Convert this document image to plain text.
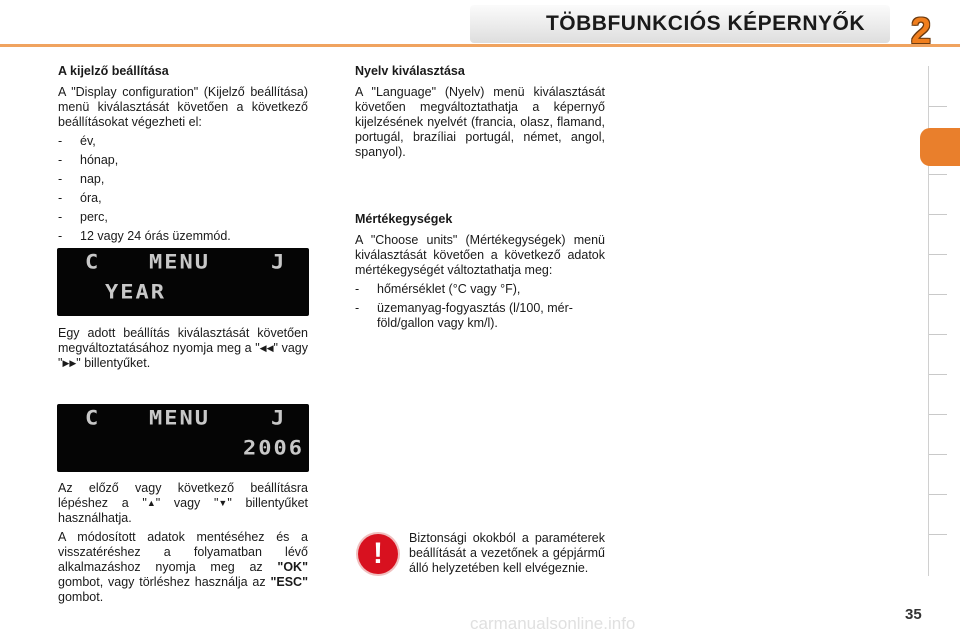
TÖBBFUNKCIÓS KÉPERNYŐK	2
A kijelző beállítása

A "Display configuration" (Kijelző beállítása) menü kiválasztását követően a következő beállításokat végezheti el:

- év,
- hónap,
- nap,
- óra,
- perc,
- 12 vagy 24 órás üzemmód.
C MENU	J
YEAR

Egy adott beállítás kiválasztását követően megváltoztatásához nyomja meg a "◀◀" vagy "▶▶" billentyűket.

C MENU	J
2006

Az előző vagy következő beállításra lépéshez a "▲" vagy "▼" billentyűket használhatja.

A módosított adatok mentéséhez és a visszatéréshez a folyamatban lévő alkalmazáshoz nyomja meg az "OK" gombot, vagy törléshez használja az "ESC" gombot.

Nyelv kiválasztása

A "Language" (Nyelv) menü kiválasztását követően megváltoztathatja a képernyő kijelzésének nyelvét (francia, olasz, flamand, portugál, brazíliai portugál, német, angol, spanyol).

Mértékegységek

A "Choose units" (Mértékegységek) menü kiválasztását követően a következő adatok mértékegységét változtathatja meg:

- hőmérséklet (°C vagy °F),
- üzemanyag-fogyasztás (l/100, mérföld/gallon vagy km/l).
!	Biztonsági okokból a paraméterek beállítását a vezetőnek a gépjármű álló helyzetében kell elvégeznie.
35
carmanualsonline.info
